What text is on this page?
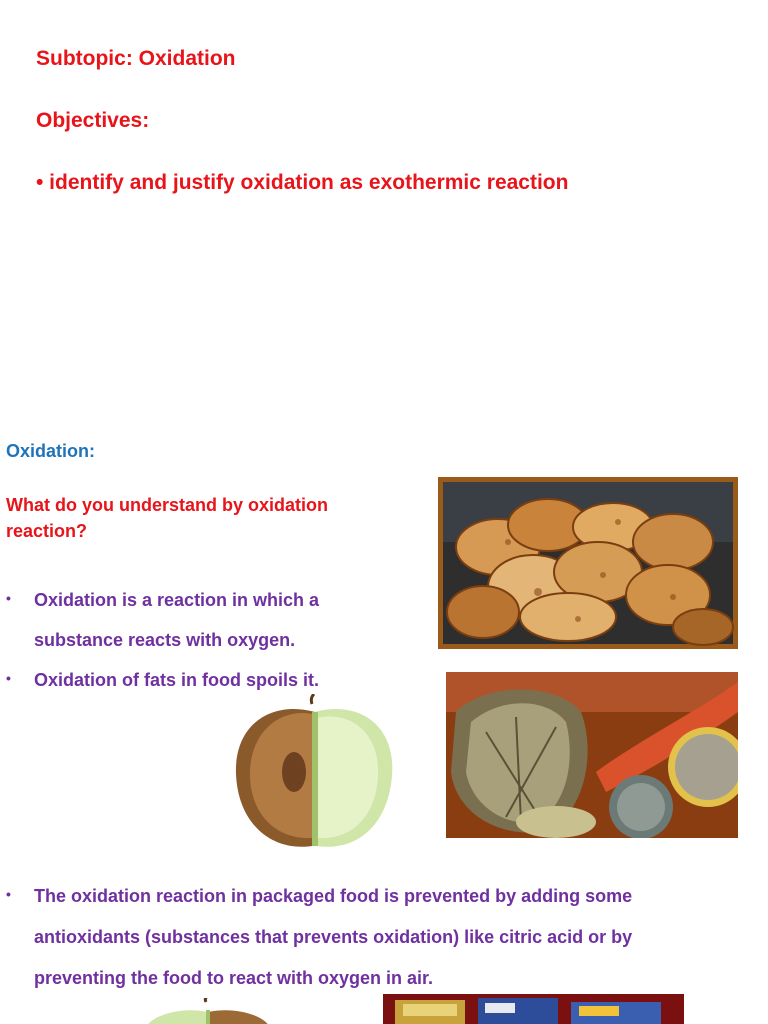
Subtopic: Oxidation
Objectives:
• identify and justify oxidation as exothermic reaction
Oxidation:
What do you understand by oxidation
reaction?
• Oxidation is a reaction in which a
substance reacts with oxygen.
• Oxidation of fats in food spoils it.
• The oxidation reaction in packaged food is prevented by adding some
antioxidants (substances that prevents oxidation) like citric acid or by
preventing the food to react with oxygen in air.
